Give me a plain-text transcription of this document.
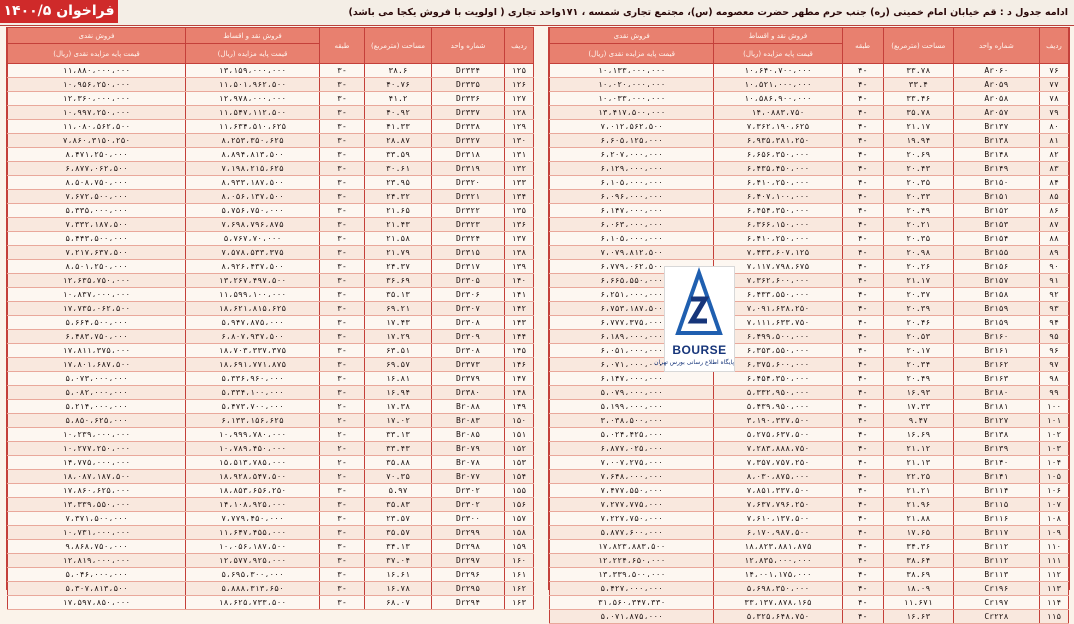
فراخوان ۱۴۰۰/۵	ادامه جدول د : قم خیابان امام خمینی (ره) جنب حرم مطهر حضرت معصومه (س)، مجتمع تجاری شمسه ، ۱۷۱واحد تجاری ( اولویت با فروش یکجا می باشد)
ردیف	شماره واحد	مساحت (مترمربع)	طبقه	فروش نقد و اقساط	فروش نقدی
				قیمت پایه مزایده (ریال)	قیمت پایه مزایده نقدی (ریال)
۱۲۵	Dr۳۳۴	۳۸.۶	-۳	۱۳،۱۵۹،۰۰۰،۰۰۰	۱۱،۸۸۰،۰۰۰،۰۰۰
۱۲۶	Dr۳۳۵	۴۰.۷۶	-۳	۱۱،۵۰۱،۹۶۲،۵۰۰	۱۰،۹۵۶،۲۵۰،۰۰۰
۱۲۷	Dr۳۳۶	۴۱.۲	-۳	۱۲،۹۷۸،۰۰۰،۰۰۰	۱۲،۳۶۰،۰۰۰،۰۰۰
۱۲۸	Dr۳۳۷	۴۰.۹۲	-۳	۱۱،۵۴۷،۱۱۲،۵۰۰	۱۰،۹۹۷،۲۵۰،۰۰۰
۱۲۹	Dr۳۳۸	۴۱.۳۳	-۳	۱۱،۶۳۴،۵۱۰،۶۲۵	۱۱،۰۸۰،۵۶۲،۵۰۰
۱۳۰	Dr۳۲۷	۲۸.۸۷	-۳	۸،۲۵۳،۳۵۰،۶۲۵	۷،۸۶۰،۳۱۵۰،۲۵۰
۱۳۱	Dr۳۱۸	۳۳.۵۹	-۳	۸،۸۹۴،۸۱۳،۵۰۰	۸،۴۷۱،۲۵۰،۰۰۰
۱۳۲	Dr۳۱۹	۳۰.۶۱	-۳	۷،۱۹۸،۲۱۵،۶۲۵	۶،۸۷۷،۰۶۲،۵۰۰
۱۳۳	Dr۳۲۰	۲۳.۹۵	-۳	۸،۹۳۳،۱۸۷،۵۰۰	۸،۵۰۸،۷۵۰،۰۰۰
۱۳۴	Dr۳۲۱	۲۴.۳۲	-۳	۸،۰۵۶،۱۳۷،۵۰۰	۷،۶۷۲،۵۰۰،۰۰۰
۱۳۵	Dr۳۲۲	۲۱.۶۵	-۳	۵،۷۵۶،۷۵۰،۰۰۰	۵،۳۳۵،۰۰۰،۰۰۰
۱۳۶	Dr۳۲۳	۲۱.۴۳	-۳	۷،۶۹۸،۷۹۶،۸۷۵	۷،۳۳۲،۱۸۷،۵۰۰
۱۳۷	Dr۳۲۴	۲۱.۵۸	-۳	۵،۷۶۷،۷۰،۰۰۰	۵،۴۴۳،۵۰۰،۰۰۰
۱۳۸	Dr۳۱۵	۲۱.۷۹	-۳	۷،۵۷۸،۵۳۳،۳۷۵	۷،۲۱۷،۶۳۷،۵۰۰
۱۳۹	Dr۳۱۷	۲۴.۳۷	-۳	۸،۹۲۶،۴۳۷،۵۰۰	۸،۵۰۱،۲۵۰،۰۰۰
۱۴۰	Dr۳۰۵	۳۶.۶۹	-۳	۱۳،۲۶۷،۴۹۷،۵۰۰	۱۲،۶۳۵،۷۵۰،۰۰۰
۱۴۱	Dr۳۰۶	۳۵.۱۳	-۳	۱۱،۵۹۹،۱۰۰،۰۰۰	۱۰،۸۳۷،۰۰۰،۰۰۰
۱۴۲	Dr۳۰۷	۶۹.۲۱	-۳	۱۸،۶۲۱،۸۱۵،۶۲۵	۱۷،۷۳۵،۰۶۲،۵۰۰
۱۴۳	Dr۳۰۸	۱۷.۴۳	-۳	۵،۹۴۷،۸۷۵،۰۰۰	۵،۶۶۴،۵۰۰،۰۰۰
۱۴۴	Dr۳۰۹	۱۷.۲۹	-۳	۶،۸۰۷،۹۳۷،۵۰۰	۶،۴۸۳،۷۵۰،۰۰۰
۱۴۵	Dr۳۰۸	۶۳.۵۱	-۳	۱۸،۷۰۳،۳۳۷،۳۷۵	۱۷،۸۱۱،۳۷۵،۰۰۰
۱۴۶	Dr۳۷۳	۶۹.۵۷	-۳	۱۸،۶۹۱،۷۷۱،۸۷۵	۱۷،۸۰۱،۶۸۷،۵۰۰
۱۴۷	Dr۳۷۹	۱۶.۸۱	-۳	۵،۳۳۶،۹۶۰،۰۰۰	۵،۰۷۳،۰۰۰،۰۰۰
۱۴۸	Dr۳۸۰	۱۶.۹۴	-۳	۵،۳۳۴،۱۰۰،۰۰۰	۵،۰۸۲،۰۰۰،۰۰۰
۱۴۹	Br۰۸۸	۱۷.۳۸	-۲	۵،۴۷۳،۷۰۰،۰۰۰	۵،۲۱۴،۰۰۰،۰۰۰
۱۵۰	Br۰۸۳	۱۷.۰۲	-۲	۶،۱۳۳،۱۵۶،۶۲۵	۵،۸۵۰،۶۲۵،۰۰۰
۱۵۱	Br۰۸۵	۳۳.۱۳	-۲	۱۰،۹۹۹،۷۸۰،۰۰۰	۱۰،۲۳۹،۰۰۰،۰۰۰
۱۵۲	Br۰۷۹	۳۳.۴۳	-۲	۱۰،۷۸۹،۴۵۰،۰۰۰	۱۰،۲۷۷،۲۵۰،۰۰۰
۱۵۳	Br۰۷۸	۳۵.۸۸	-۲	۱۵،۵۱۳،۷۸۵،۰۰۰	۱۴،۷۷۵،۰۰۰،۰۰۰
۱۵۴	Br۰۷۷	۷۰.۳۵	-۲	۱۸،۹۲۸،۵۴۷،۵۰۰	۱۸،۰۸۷،۱۸۷،۵۰۰
۱۵۵	Dr۳۰۲	۵.۹۷	-۳	۱۸،۸۵۳،۶۵۶،۲۵۰	۱۷،۸۶۰،۶۲۵،۰۰۰
۱۵۶	Dr۳۰۲	۳۵.۸۳	-۳	۱۴،۱۰۸،۹۲۵،۰۰۰	۱۳،۳۳۹،۵۵۰،۰۰۰
۱۵۷	Dr۳۰۰	۲۳.۵۷	-۳	۷،۷۷۹،۴۵۰،۰۰۰	۷،۳۷۱،۵۰۰،۰۰۰
۱۵۸	Dr۲۹۹	۳۵.۵۷	-۳	۱۱،۶۴۷،۴۵۵،۰۰۰	۱۰،۷۳۱،۰۰۰،۰۰۰
۱۵۹	Dr۲۹۸	۳۴.۱۳	-۳	۱۰،۰۵۶،۱۸۷،۵۰۰	۹،۸۶۸،۷۵۰،۰۰۰
۱۶۰	Dr۲۹۷	۳۷.۰۴	-۳	۱۲،۵۷۷،۹۲۵،۰۰۰	۱۲،۸۱۹،۰۰۰،۰۰۰
۱۶۱	Dr۲۹۶	۱۶.۶۱	-۳	۵،۶۹۵،۳۰۰،۰۰۰	۵،۰۴۶،۰۰۰،۰۰۰
۱۶۲	Dr۲۹۵	۱۶.۷۸	-۳	۵،۸۸۸،۳۱۳،۶۵۰	۵،۳۰۷،۸۱۳،۵۰۰
۱۶۳	Dr۲۹۴	۶۸.۰۷	-۳	۱۸،۶۲۵،۷۳۳،۵۰۰	۱۷،۵۹۷،۸۵۰،۰۰۰
ردیف	شماره واحد	مساحت (مترمربع)	طبقه	فروش نقد و اقساط	فروش نقدی
				قیمت پایه مزایده (ریال)	قیمت پایه مزایده نقدی (ریال)
۷۶	Ar۰۶۰	۳۳.۷۸	-۴	۱۰،۶۴۰،۷۰۰،۰۰۰	۱۰،۱۳۳،۰۰۰،۰۰۰
۷۷	Ar۰۵۹	۳۳.۴	-۴	۱۰،۵۲۱،۰۰۰،۰۰۰	۱۰،۰۲۰،۰۰۰،۰۰۰
۷۸	Ar۰۵۸	۳۳.۴۶	-۴	۱۰،۵۸۶،۹۰۰،۰۰۰	۱۰،۰۳۳،۰۰۰،۰۰۰
۷۹	Ar۰۵۷	۳۵.۷۸	-۴	۱۴،۰۸۸۳،۷۵۰	۱۳،۴۱۷،۵۰۰،۰۰۰
۸۰	Br۱۳۷	۲۱.۱۷	-۴	۷،۳۶۲،۱۹۰،۶۲۵	۷،۰۱۲،۵۶۲،۵۰۰
۸۱	Br۱۳۸	۱۹.۹۴	-۴	۶،۹۳۵،۳۸۱،۲۵۰	۶،۶۰۵،۱۲۵،۰۰۰
۸۲	Br۱۴۸	۲۰.۶۹	-۴	۶،۶۵۶،۳۵۰،۰۰۰	۶،۲۰۷،۰۰۰،۰۰۰
۸۳	Br۱۴۹	۲۰.۴۳	-۴	۶،۴۳۵،۴۵۰،۰۰۰	۶،۱۲۹،۰۰۰،۰۰۰
۸۴	Br۱۵۰	۲۰.۳۵	-۴	۶،۴۱۰،۲۵۰،۰۰۰	۶،۱۰۵،۰۰۰،۰۰۰
۸۵	Br۱۵۱	۲۰.۳۳	-۴	۶،۴۰۷،۱۰۰،۰۰۰	۶،۰۹۶،۰۰۰،۰۰۰
۸۶	Br۱۵۲	۲۰.۴۹	-۴	۶،۴۵۴،۳۵۰،۰۰۰	۶،۱۴۷،۰۰۰،۰۰۰
۸۷	Br۱۵۳	۲۰.۲۱	-۴	۶،۳۶۶،۱۵۰،۰۰۰	۶،۰۶۳،۰۰۰،۰۰۰
۸۸	Br۱۵۴	۲۰.۳۵	-۴	۶،۴۱۰،۲۵۰،۰۰۰	۶،۱۰۵،۰۰۰،۰۰۰
۸۹	Br۱۵۵	۲۰.۹۸	-۴	۷،۴۳۳،۶۰۷،۱۲۵	۷،۰۷۹،۸۱۲،۵۰۰
۹۰	Br۱۵۶	۲۰.۲۶	-۴	۷،۱۱۷،۷۹۸،۶۷۵	۶،۷۷۹،۰۶۲،۵۰۰
۹۱	Br۱۵۷	۲۱.۱۷	-۴	۷،۳۶۲،۶۰۰،۰۰۰	۶،۶۶۵،۵۵۰،۰۰۰
۹۲	Br۱۵۸	۲۰.۳۷	-۴	۶،۴۳۳،۵۵۰،۰۰۰	۶،۲۵۱،۰۰۰،۰۰۰
۹۳	Br۱۵۹	۲۰.۳۹	-۴	۷،۰۹۱،۶۳۸،۲۵۰	۶،۷۵۳،۱۸۷،۵۰۰
۹۴	Br۱۵۹	۲۰.۴۶	-۴	۷،۱۱۱،۶۳۳،۷۵۰	۶،۷۷۷،۳۷۵،۰۰۰
۹۵	Br۱۶۰	۲۰.۵۳	-۴	۶،۴۹۹،۵۰۰،۰۰۰	۶،۱۸۹،۰۰۰،۰۰۰
۹۶	Br۱۶۱	۲۰.۱۷	-۴	۶،۳۵۳،۵۵۰،۰۰۰	۶،۰۵۱،۰۰۰،۰۰۰
۹۷	Br۱۶۲	۲۰.۳۴	-۴	۶،۳۷۵،۶۰۰،۰۰۰	۶،۰۷۱،۰۰۰،۰۰۰
۹۸	Br۱۶۳	۲۰.۴۹	-۴	۶،۴۵۴،۳۵۰،۰۰۰	۶،۱۴۷،۰۰۰،۰۰۰
۹۹	Br۱۸۰	۱۶.۹۳	-۴	۵،۳۳۲،۹۵۰،۰۰۰	۵،۰۷۹،۰۰۰،۰۰۰
۱۰۰	Br۱۸۱	۱۷.۳۳	-۴	۵،۴۳۹،۹۵۰،۰۰۰	۵،۱۹۹،۰۰۰،۰۰۰
۱۰۱	Br۱۲۷	۹.۴۷	-۴	۳،۱۹۰،۳۳۷،۵۰۰	۳،۰۳۸،۵۰۰،۰۰۰
۱۰۲	Br۱۳۸	۱۶.۶۹	-۴	۵،۲۷۵،۶۳۷،۵۰۰	۵،۰۲۴،۴۲۵،۰۰۰
۱۰۳	Br۱۳۹	۲۱.۱۲	-۴	۷،۲۸۳،۸۸۸،۷۵۰	۶،۸۷۷،۰۲۵،۰۰۰
۱۰۴	Br۱۴۰	۲۱.۱۳	-۴	۷،۳۵۷،۷۵۷،۲۵۰	۷،۰۰۷،۲۷۵،۰۰۰
۱۰۵	Br۱۴۱	۲۲.۲۵	-۴	۸،۰۳۰،۸۷۵،۰۰۰	۷،۶۴۸،۰۰۰،۰۰۰
۱۰۶	Br۱۱۴	۲۱.۲۱	-۴	۷،۸۵۱،۳۳۷،۵۰۰	۷،۴۷۷،۵۵۰،۰۰۰
۱۰۷	Br۱۱۵	۲۱.۹۶	-۴	۷،۶۳۷،۷۹۶،۲۵۰	۷،۲۷۷،۷۷۵،۰۰۰
۱۰۸	Br۱۱۶	۲۱.۸۸	-۴	۷،۶۱۰،۱۳۷،۵۰۰	۷،۲۲۷،۷۵۰،۰۰۰
۱۰۹	Br۱۱۷	۱۷.۶۵	-۴	۶،۱۷۰،۹۸۷،۵۰۰	۵،۸۷۷،۶۰۰،۰۰۰
۱۱۰	Br۱۱۲	۳۴.۳۶	-۴	۱۸،۸۲۳،۸۸۱،۸۷۵	۱۷،۸۲۳،۸۸۳،۵۰۰
۱۱۱	Br۱۱۲	۳۸.۶۴	-۴	۱۲،۸۳۵،۰۰۰،۰۰۰	۱۲،۲۲۴،۶۵۰،۰۰۰
۱۱۲	Br۱۱۳	۳۸.۶۹	-۴	۱۴،۰۰۱،۱۷۵،۰۰۰	۱۳،۳۳۹،۵۰۰،۰۰۰
۱۱۳	Cr۱۹۶	۱۸.۰۹	-۴	۵،۶۹۸،۳۵۰،۰۰۰	۵،۴۲۷،۰۰۰،۰۰۰
۱۱۴	Cr۱۹۷	۱۱.۶۷۱	-۴	۳۳،۱۳۷،۸۷۸،۱۶۵	۳۱،۵۶۰،۳۴۷،۳۳۰
۱۱۵	Cr۲۲۸	۱۶.۶۳	-۴	۵،۳۲۵،۶۴۸،۷۵۰	۵،۰۷۱،۸۷۵،۰۰۰
BOURSE
پایگاه اطلاع رسانی بورس تهران
